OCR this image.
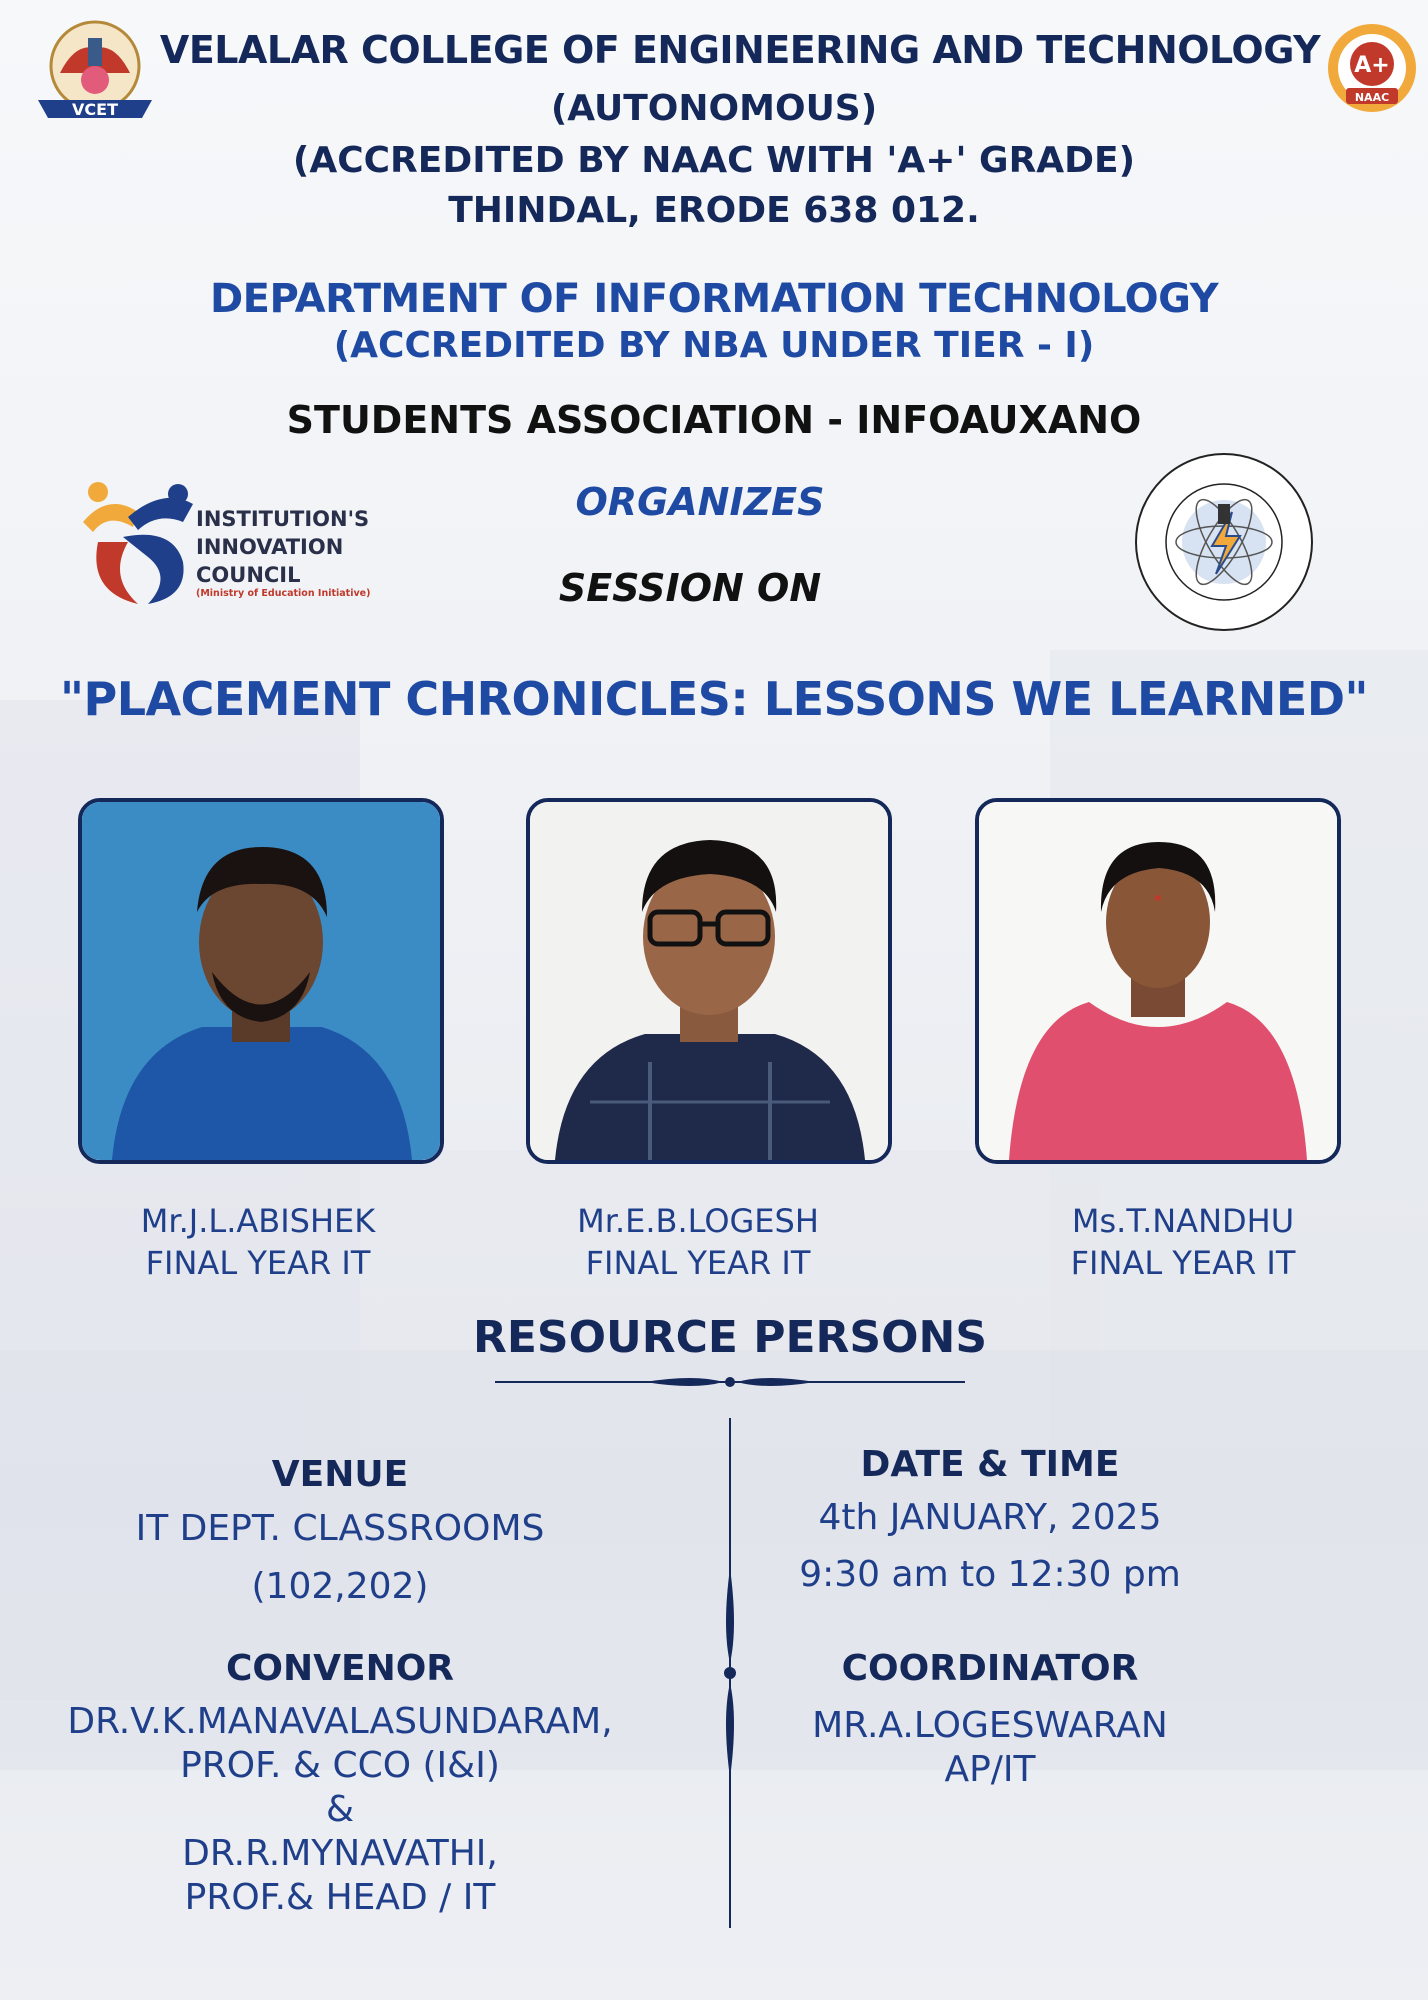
VCET
A+
NAAC
VELALAR COLLEGE OF ENGINEERING AND TECHNOLOGY
(AUTONOMOUS)
(ACCREDITED BY NAAC WITH 'A+' GRADE)
THINDAL, ERODE 638 012.
DEPARTMENT OF INFORMATION TECHNOLOGY
(ACCREDITED BY NBA UNDER TIER - I)
STUDENTS ASSOCIATION - INFOAUXANO
INSTITUTION'S
INNOVATION
COUNCIL
(Ministry of Education Initiative)
ORGANIZES
SESSION ON
"PLACEMENT CHRONICLES: LESSONS WE LEARNED"
Mr.J.L.ABISHEK
FINAL YEAR IT
Mr.E.B.LOGESH
FINAL YEAR IT
Ms.T.NANDHU
FINAL YEAR IT
RESOURCE PERSONS
VENUE
IT DEPT. CLASSROOMS
(102,202)
DATE & TIME
4th JANUARY, 2025
9:30 am to 12:30 pm
CONVENOR
DR.V.K.MANAVALASUNDARAM,
PROF. & CCO (I&I)
&
DR.R.MYNAVATHI,
PROF.& HEAD / IT
COORDINATOR
MR.A.LOGESWARAN
AP/IT
